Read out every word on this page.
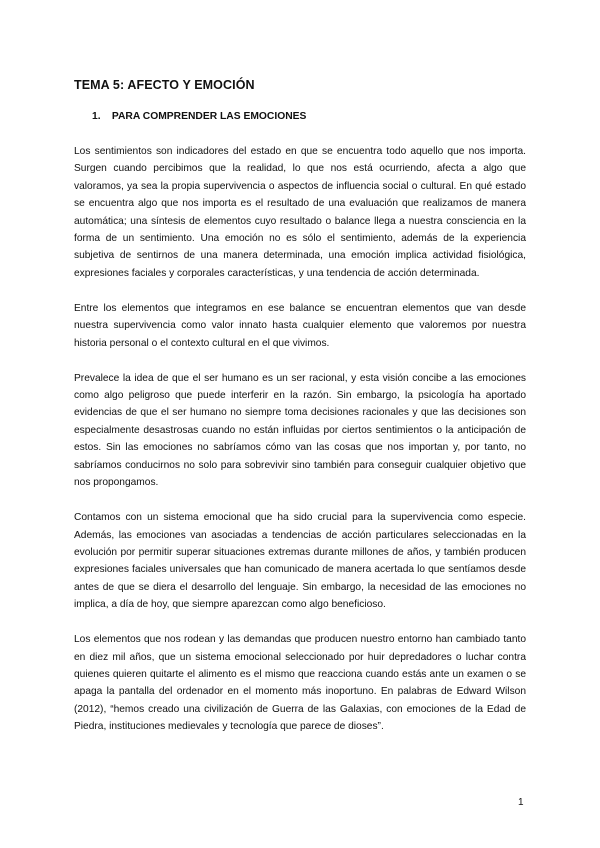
TEMA 5: AFECTO Y EMOCIÓN
1. PARA COMPRENDER LAS EMOCIONES

Los sentimientos son indicadores del estado en que se encuentra todo aquello que nos importa. Surgen cuando percibimos que la realidad, lo que nos está ocurriendo, afecta a algo que valoramos, ya sea la propia supervivencia o aspectos de influencia social o cultural. En qué estado se encuentra algo que nos importa es el resultado de una evaluación que realizamos de manera automática; una síntesis de elementos cuyo resultado o balance llega a nuestra consciencia en la forma de un sentimiento. Una emoción no es sólo el sentimiento, además de la experiencia subjetiva de sentirnos de una manera determinada, una emoción implica actividad fisiológica, expresiones faciales y corporales características, y una tendencia de acción determinada.

Entre los elementos que integramos en ese balance se encuentran elementos que van desde nuestra supervivencia como valor innato hasta cualquier elemento que valoremos por nuestra historia personal o el contexto cultural en el que vivimos.

Prevalece la idea de que el ser humano es un ser racional, y esta visión concibe a las emociones como algo peligroso que puede interferir en la razón. Sin embargo, la psicología ha aportado evidencias de que el ser humano no siempre toma decisiones racionales y que las decisiones son especialmente desastrosas cuando no están influidas por ciertos sentimientos o la anticipación de estos. Sin las emociones no sabríamos cómo van las cosas que nos importan y, por tanto, no sabríamos conducirnos no solo para sobrevivir sino también para conseguir cualquier objetivo que nos propongamos.

Contamos con un sistema emocional que ha sido crucial para la supervivencia como especie. Además, las emociones van asociadas a tendencias de acción particulares seleccionadas en la evolución por permitir superar situaciones extremas durante millones de años, y también producen expresiones faciales universales que han comunicado de manera acertada lo que sentíamos desde antes de que se diera el desarrollo del lenguaje. Sin embargo, la necesidad de las emociones no implica, a día de hoy, que siempre aparezcan como algo beneficioso.

Los elementos que nos rodean y las demandas que producen nuestro entorno han cambiado tanto en diez mil años, que un sistema emocional seleccionado por huir depredadores o luchar contra quienes quieren quitarte el alimento es el mismo que reacciona cuando estás ante un examen o se apaga la pantalla del ordenador en el momento más inoportuno. En palabras de Edward Wilson (2012), “hemos creado una civilización de Guerra de las Galaxias, con emociones de la Edad de Piedra, instituciones medievales y tecnología que parece de dioses”.

1
